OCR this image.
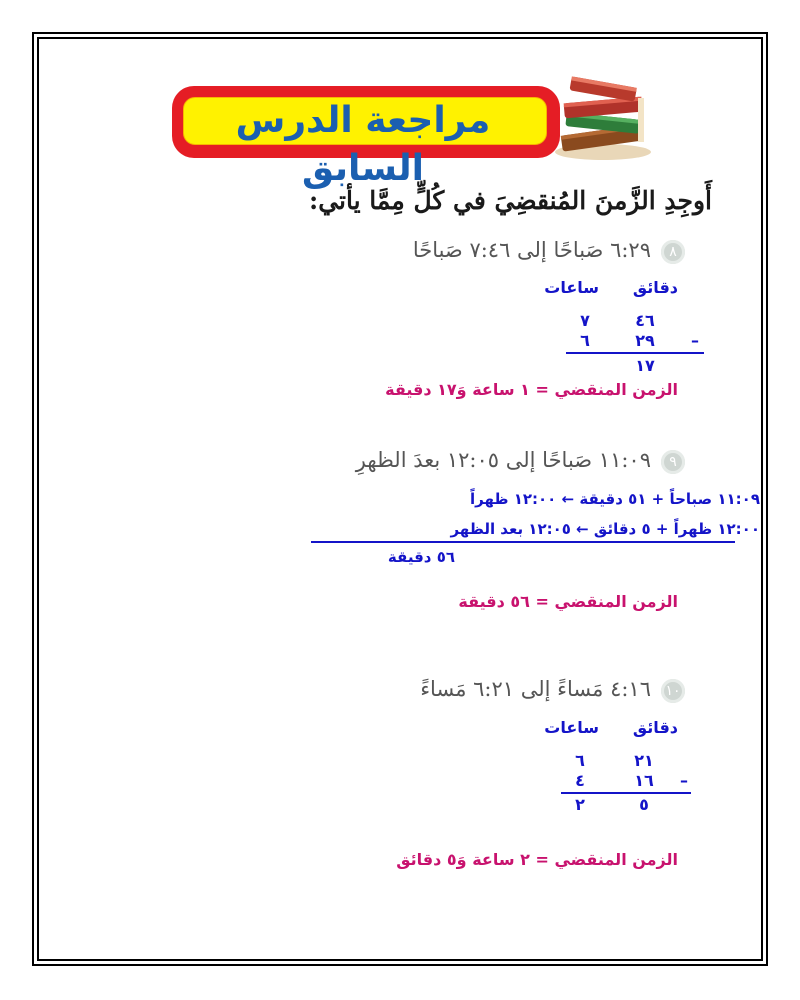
مراجعة الدرس السابق
أَوجِدِ الزَّمنَ المُنقضِيَ في كُلٍّ مِمَّا يأتي:
٨٦:٢٩ صَباحًا إلى ٧:٤٦ صَباحًا
دقائق
ساعات
٤٦
٧
–
٢٩
٦
١٧
الزمن المنقضي = ١ ساعة وَ١٧ دقيقة
٩١١:٠٩ صَباحًا إلى ١٢:٠٥ بعدَ الظهرِ
١١:٠٩ صباحاً + ٥١ دقيقة ← ١٢:٠٠ ظهراً
١٢:٠٠ ظهراً + ٥ دقائق ← ١٢:٠٥ بعد الظهر
٥٦ دقيقة
الزمن المنقضي = ٥٦ دقيقة
١٠٤:١٦ مَساءً إلى ٦:٢١ مَساءً
دقائق
ساعات
٢١
٦
–
١٦
٤
٥
٢
الزمن المنقضي = ٢ ساعة وَ٥ دقائق
